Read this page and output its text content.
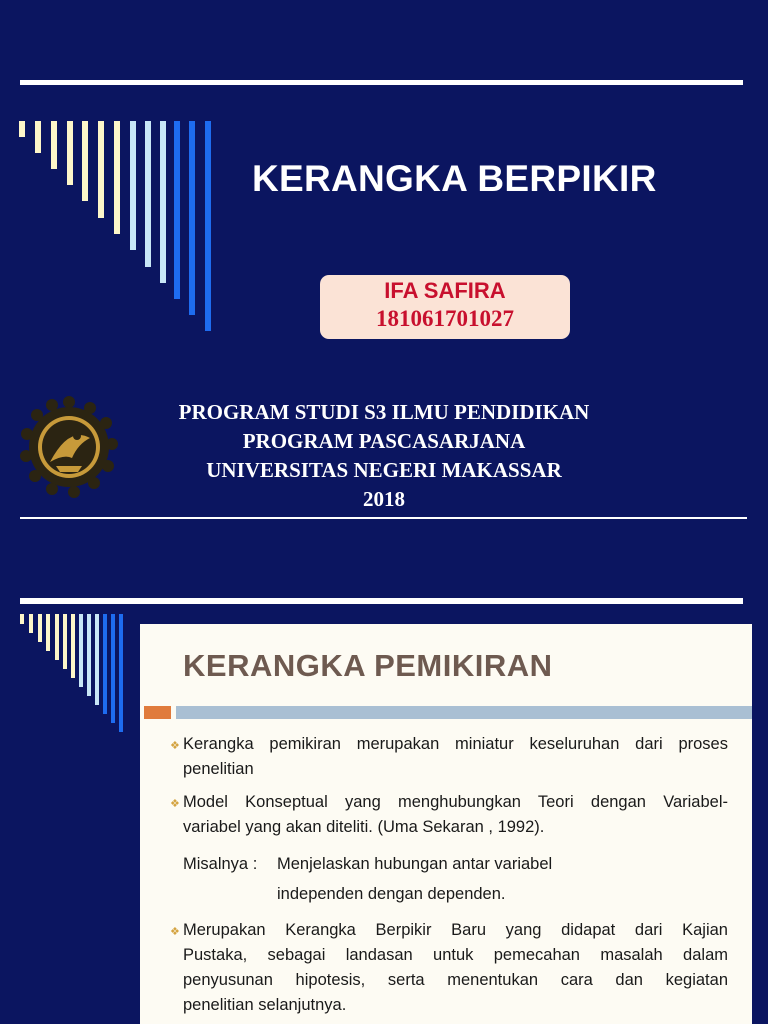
KERANGKA BERPIKIR
IFA SAFIRA
181061701027
PROGRAM STUDI S3 ILMU PENDIDIKAN
PROGRAM PASCASARJANA
UNIVERSITAS NEGERI MAKASSAR
2018
KERANGKA PEMIKIRAN
❖ Kerangka pemikiran merupakan miniatur keseluruhan dari proses
penelitian
❖ Model Konseptual yang menghubungkan Teori dengan Variabel-
variabel yang akan diteliti. (Uma Sekaran , 1992).
Misalnya : Menjelaskan hubungan antar variabel
independen dengan dependen.
❖ Merupakan Kerangka Berpikir Baru yang didapat dari Kajian
Pustaka, sebagai landasan untuk pemecahan masalah dalam
penyusunan hipotesis, serta menentukan cara dan kegiatan
penelitian selanjutnya.
